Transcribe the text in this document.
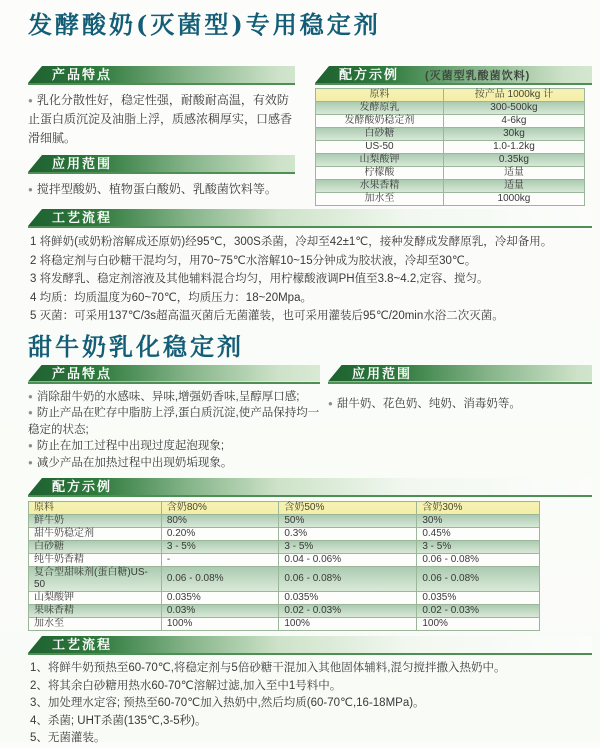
发酵酸奶(灭菌型)专用稳定剂
产品特点
● 乳化分散性好，稳定性强，耐酸耐高温，有效防止蛋白质沉淀及油脂上浮，质感浓稠厚实，口感香滑细腻。
应用范围
● 搅拌型酸奶、植物蛋白酸奶、乳酸菌饮料等。
配方示例 (灭菌型乳酸菌饮料)
原料	按产品 1000kg 计
发酵原乳	300-500kg
发酵酸奶稳定剂	4-6kg
白砂糖	30kg
US-50	1.0-1.2kg
山梨酸钾	0.35kg
柠檬酸	适量
水果香精	适量
加水至	1000kg
工艺流程
1 将鲜奶(或奶粉溶解成还原奶)经95℃，300S杀菌，冷却至42±1℃，接种发酵成发酵原乳，冷却备用。
2 将稳定剂与白砂糖干混均匀，用70~75℃水溶解10~15分钟成为胶状液，冷却至30℃。
3 将发酵乳、稳定剂溶液及其他辅料混合均匀，用柠檬酸液调PH值至3.8~4.2,定容、搅匀。
4 均质：均质温度为60~70℃，均质压力：18~20Mpa。
5 灭菌：可采用137℃/3s超高温灭菌后无菌灌装，也可采用灌装后95℃/20min水浴二次灭菌。
甜牛奶乳化稳定剂
产品特点
● 消除甜牛奶的水感味、异味,增强奶香味,呈醇厚口感;
● 防止产品在贮存中脂肪上浮,蛋白质沉淀,使产品保持均一稳定的状态;
● 防止在加工过程中出现过度起泡现象;
● 减少产品在加热过程中出现奶垢现象。
应用范围
● 甜牛奶、花色奶、纯奶、消毒奶等。
配方示例
原料	含奶80%	含奶50%	含奶30%
鲜牛奶	80%	50%	30%
甜牛奶稳定剂	0.20%	0.3%	0.45%
白砂糖	3 - 5%	3 - 5%	3 - 5%
纯牛奶香精	-	0.04 - 0.06%	0.06 - 0.08%
复合型甜味剂(蛋白糖)US-50	0.06 - 0.08%	0.06 - 0.08%	0.06 - 0.08%
山梨酸钾	0.035%	0.035%	0.035%
果味香精	0.03%	0.02 - 0.03%	0.02 - 0.03%
加水至	100%	100%	100%
工艺流程
1、将鲜牛奶预热至60-70℃,将稳定剂与5倍砂糖干混加入其他固体辅料,混匀搅拌撒入热奶中。
2、将其余白砂糖用热水60-70℃溶解过滤,加入至中1号料中。
3、加处理水定容; 预热至60-70℃加入热奶中,然后均质(60-70℃,16-18MPa)。
4、杀菌; UHT杀菌(135℃,3-5秒)。
5、无菌灌装。
